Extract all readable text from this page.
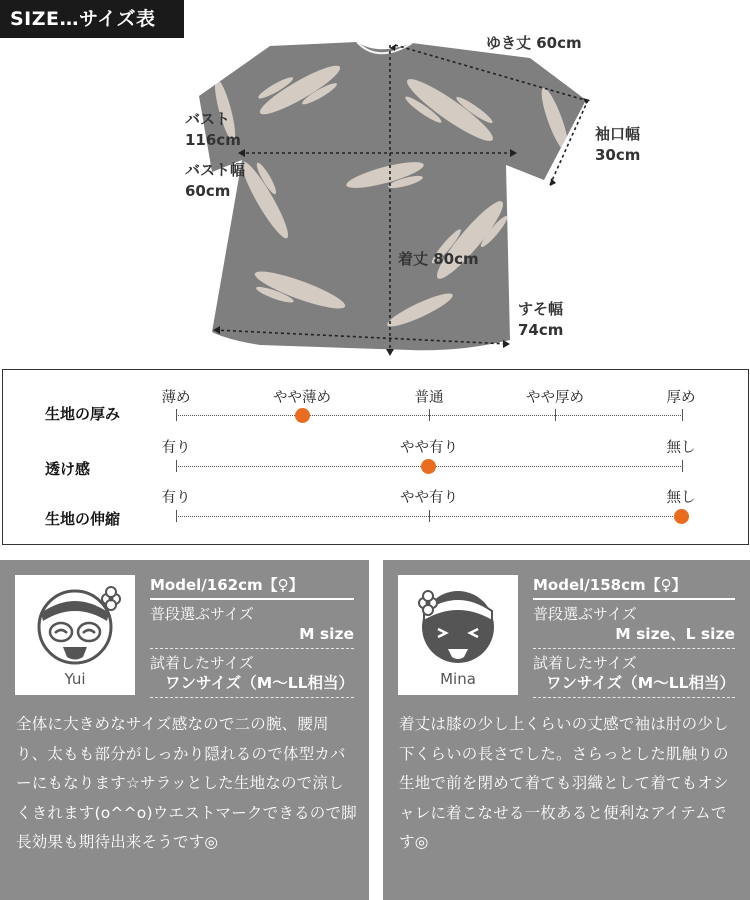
SIZE…サイズ表
ゆき丈 60cm
袖口幅
30cm
バスト
116cm
バスト幅
60cm
着丈 80cm
すそ幅
74cm
生地の厚み
薄め	やや薄め	普通	やや厚め	厚め
透け感
有り	やや有り	無し
生地の伸縮
有り	やや有り	無し
Yui
Model/162cm【♀】
普段選ぶサイズ
M size
試着したサイズ
ワンサイズ（M〜LL相当）
全体に大きめなサイズ感なので二の腕、腰周り、太もも部分がしっかり隠れるので体型カバーにもなります☆サラッとした生地なので涼しくきれます(o^^o)ウエストマークできるので脚長効果も期待出来そうです◎
Mina
Model/158cm【♀】
普段選ぶサイズ
M size、L size
試着したサイズ
ワンサイズ（M〜LL相当）
着丈は膝の少し上くらいの丈感で袖は肘の少し下くらいの長さでした。さらっとした肌触りの生地で前を閉めて着ても羽織として着てもオシャレに着こなせる一枚あると便利なアイテムです◎
